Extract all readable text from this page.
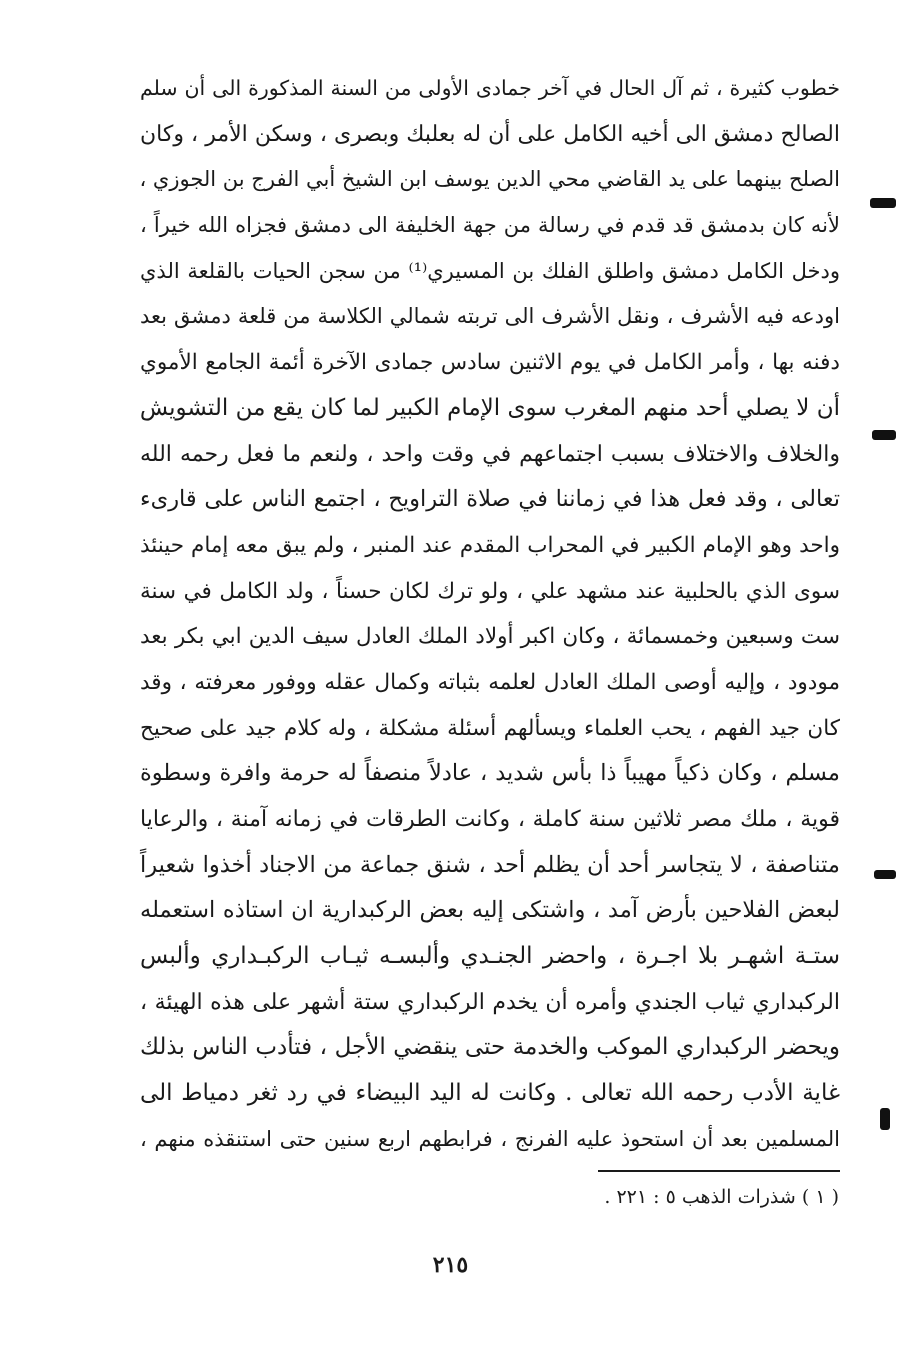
خطوب كثيرة ، ثم آل الحال في آخر جمادى الأولى من السنة المذكورة الى أن سلم
الصالح دمشق الى أخيه الكامل على أن له بعلبك وبصرى ، وسكن الأمر ، وكان
الصلح بينهما على يد القاضي محي الدين يوسف ابن الشيخ أبي الفرج بن الجوزي ،
لأنه كان بدمشق قد قدم في رسالة من جهة الخليفة الى دمشق فجزاه الله خيراً ،
ودخل الكامل دمشق واطلق الفلك بن المسيري⁽¹⁾ من سجن الحيات بالقلعة الذي
اودعه فيه الأشرف ، ونقل الأشرف الى تربته شمالي الكلاسة من قلعة دمشق بعد
دفنه بها ، وأمر الكامل في يوم الاثنين سادس جمادى الآخرة أئمة الجامع الأموي
أن لا يصلي أحد منهم المغرب سوى الإمام الكبير لما كان يقع من التشويش
والخلاف والاختلاف بسبب اجتماعهم في وقت واحد ، ولنعم ما فعل رحمه الله
تعالى ، وقد فعل هذا في زماننا في صلاة التراويح ، اجتمع الناس على قارىء
واحد وهو الإمام الكبير في المحراب المقدم عند المنبر ، ولم يبق معه إمام حينئذ
سوى الذي بالحلبية عند مشهد علي ، ولو ترك لكان حسناً ، ولد الكامل في سنة
ست وسبعين وخمسمائة ، وكان اكبر أولاد الملك العادل سيف الدين ابي بكر بعد
مودود ، وإليه أوصى الملك العادل لعلمه بثباته وكمال عقله ووفور معرفته ، وقد
كان جيد الفهم ، يحب العلماء ويسألهم أسئلة مشكلة ، وله كلام جيد على صحيح
مسلم ، وكان ذكياً مهيباً ذا بأس شديد ، عادلاً منصفاً له حرمة وافرة وسطوة
قوية ، ملك مصر ثلاثين سنة كاملة ، وكانت الطرقات في زمانه آمنة ، والرعايا
متناصفة ، لا يتجاسر أحد أن يظلم أحد ، شنق جماعة من الاجناد أخذوا شعيراً
لبعض الفلاحين بأرض آمد ، واشتكى إليه بعض الركبدارية ان استاذه استعمله
ستـة اشهـر بلا اجـرة ، واحضر الجنـدي وألبسـه ثيـاب الركبـداري وألبس
الركبداري ثياب الجندي وأمره أن يخدم الركبداري ستة أشهر على هذه الهيئة ،
ويحضر الركبداري الموكب والخدمة حتى ينقضي الأجل ، فتأدب الناس بذلك
غاية الأدب رحمه الله تعالى . وكانت له اليد البيضاء في رد ثغر دمياط الى
المسلمين بعد أن استحوذ عليه الفرنج ، فرابطهم اربع سنين حتى استنقذه منهم ،
( ١ ) شذرات الذهب ٥ : ٢٢١ .
٢١٥
